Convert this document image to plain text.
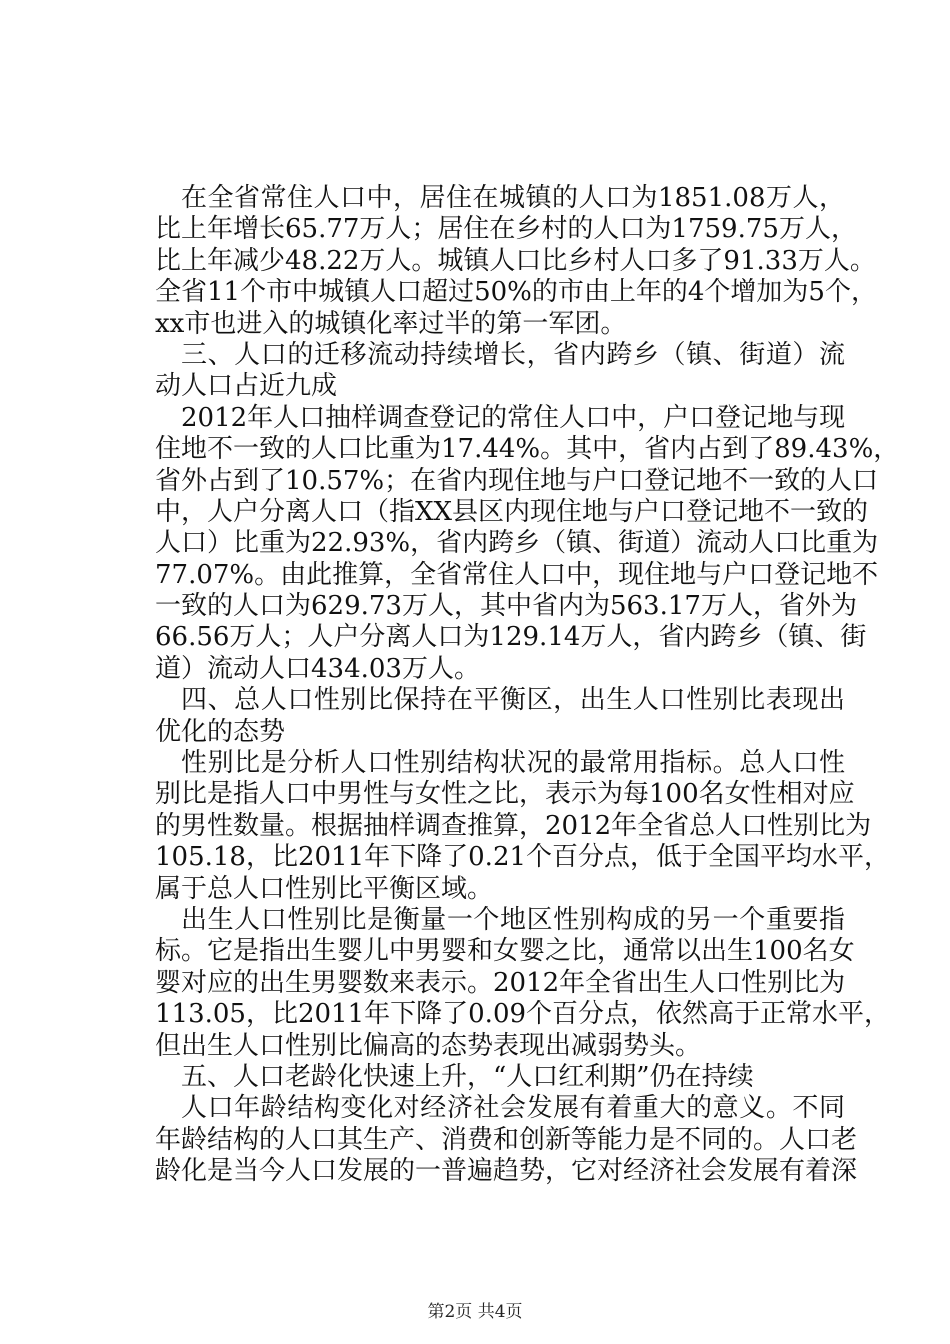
在全省常住人口中，居住在城镇的人口为1851.08万人，
比上年增长65.77万人；居住在乡村的人口为1759.75万人，
比上年减少48.22万人。城镇人口比乡村人口多了91.33万人。
全省11个市中城镇人口超过50%的市由上年的4个增加为5个，
xx市也进入的城镇化率过半的第一军团。
三、人口的迁移流动持续增长，省内跨乡（镇、街道）流
动人口占近九成
2012年人口抽样调查登记的常住人口中，户口登记地与现
住地不一致的人口比重为17.44%。其中，省内占到了89.43%，
省外占到了10.57%；在省内现住地与户口登记地不一致的人口
中，人户分离人口（指XX县区内现住地与户口登记地不一致的
人口）比重为22.93%，省内跨乡（镇、街道）流动人口比重为
77.07%。由此推算，全省常住人口中，现住地与户口登记地不
一致的人口为629.73万人，其中省内为563.17万人，省外为
66.56万人；人户分离人口为129.14万人，省内跨乡（镇、街
道）流动人口434.03万人。
四、总人口性别比保持在平衡区，出生人口性别比表现出
优化的态势
性别比是分析人口性别结构状况的最常用指标。总人口性
别比是指人口中男性与女性之比，表示为每100名女性相对应
的男性数量。根据抽样调查推算，2012年全省总人口性别比为
105.18，比2011年下降了0.21个百分点，低于全国平均水平，
属于总人口性别比平衡区域。
出生人口性别比是衡量一个地区性别构成的另一个重要指
标。它是指出生婴儿中男婴和女婴之比，通常以出生100名女
婴对应的出生男婴数来表示。2012年全省出生人口性别比为
113.05，比2011年下降了0.09个百分点，依然高于正常水平，
但出生人口性别比偏高的态势表现出减弱势头。
五、人口老龄化快速上升，“人口红利期”仍在持续
人口年龄结构变化对经济社会发展有着重大的意义。不同
年龄结构的人口其生产、消费和创新等能力是不同的。人口老
龄化是当今人口发展的一普遍趋势，它对经济社会发展有着深
第2页 共4页
